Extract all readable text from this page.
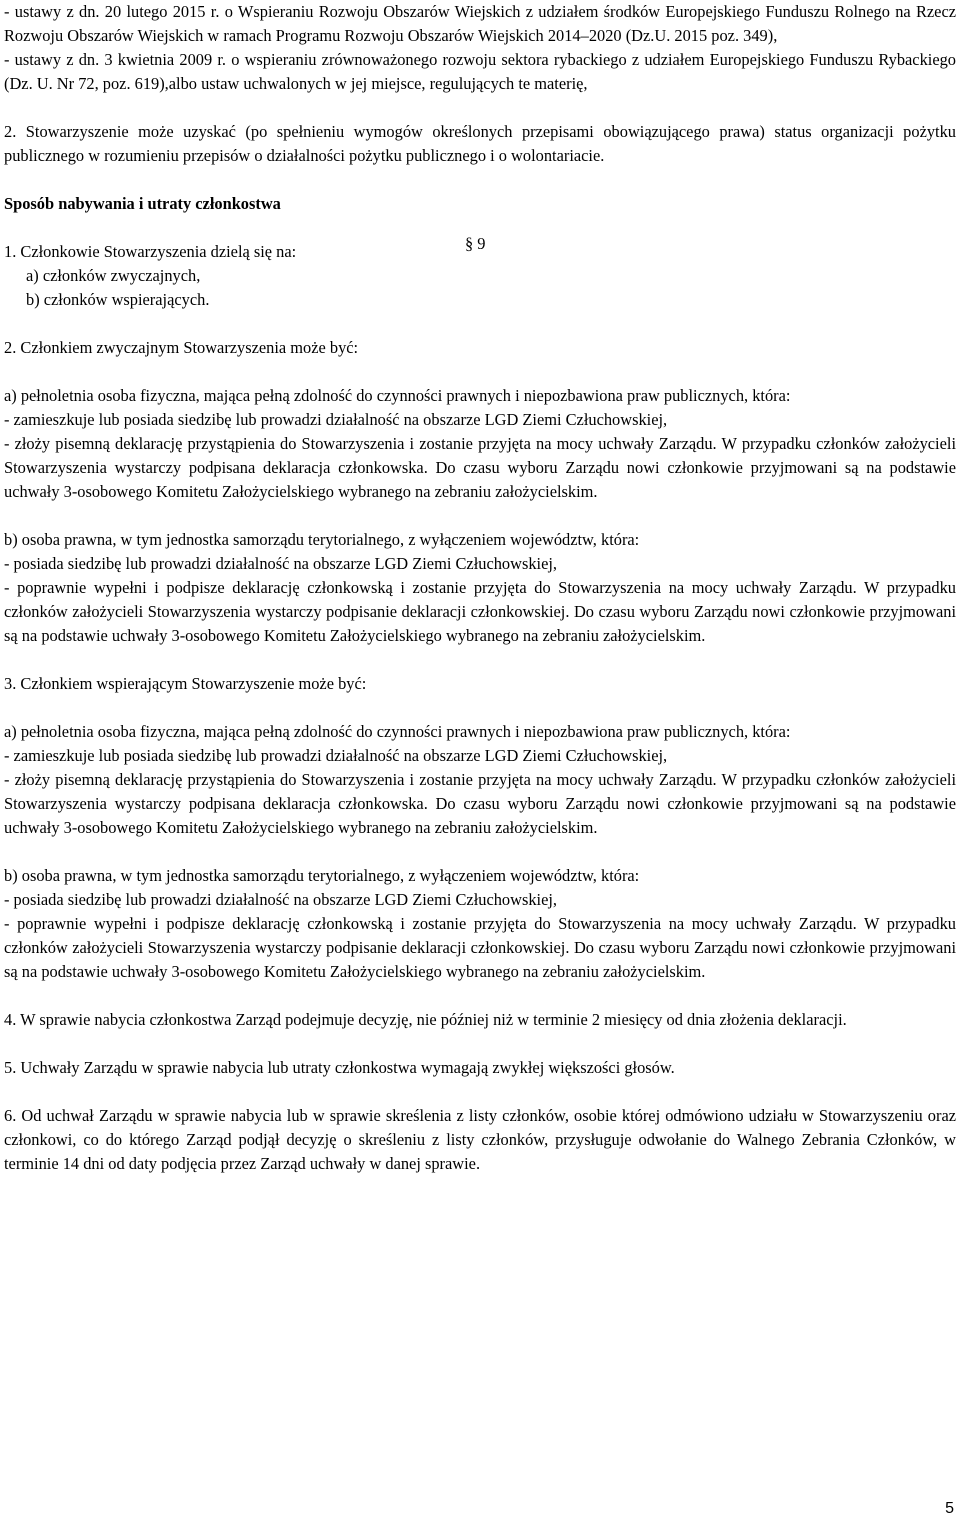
- ustawy z dn. 20 lutego 2015 r. o Wspieraniu Rozwoju Obszarów Wiejskich z udziałem środków Europejskiego Funduszu Rolnego na Rzecz Rozwoju Obszarów Wiejskich w ramach Programu Rozwoju Obszarów Wiejskich 2014–2020 (Dz.U. 2015 poz. 349),

- ustawy z dn. 3 kwietnia 2009 r. o wspieraniu zrównoważonego rozwoju sektora rybackiego z udziałem Europejskiego Funduszu Rybackiego (Dz. U. Nr 72, poz. 619),albo ustaw uchwalonych w jej miejsce, regulujących te materię,

2. Stowarzyszenie może uzyskać (po spełnieniu wymogów określonych przepisami obowiązującego prawa) status organizacji pożytku publicznego w rozumieniu przepisów o działalności pożytku publicznego i o wolontariacie.

Sposób nabywania i utraty członkostwa

§ 9

1. Członkowie Stowarzyszenia dzielą się na:

a) członków zwyczajnych,

b) członków wspierających.

2. Członkiem zwyczajnym Stowarzyszenia może być:

a) pełnoletnia osoba fizyczna, mająca pełną zdolność do czynności prawnych i niepozbawiona praw publicznych, która:

- zamieszkuje lub posiada siedzibę lub prowadzi działalność na obszarze LGD Ziemi Człuchowskiej,

- złoży pisemną deklarację przystąpienia do Stowarzyszenia i zostanie przyjęta na mocy uchwały Zarządu. W przypadku członków założycieli Stowarzyszenia wystarczy podpisana deklaracja członkowska. Do czasu wyboru Zarządu nowi członkowie przyjmowani są na podstawie uchwały 3-osobowego Komitetu Założycielskiego wybranego na zebraniu założycielskim.

b) osoba prawna, w tym jednostka samorządu terytorialnego, z wyłączeniem województw, która:

- posiada siedzibę lub prowadzi działalność na obszarze LGD Ziemi Człuchowskiej,

- poprawnie wypełni i podpisze deklarację członkowską i zostanie przyjęta do Stowarzyszenia na mocy uchwały Zarządu. W przypadku członków założycieli Stowarzyszenia wystarczy podpisanie deklaracji członkowskiej. Do czasu wyboru Zarządu nowi członkowie przyjmowani są na podstawie uchwały 3-osobowego Komitetu Założycielskiego wybranego na zebraniu założycielskim.

3. Członkiem wspierającym Stowarzyszenie może być:

a) pełnoletnia osoba fizyczna, mająca pełną zdolność do czynności prawnych i niepozbawiona praw publicznych, która:

- zamieszkuje lub posiada siedzibę lub prowadzi działalność na obszarze LGD Ziemi Człuchowskiej,

- złoży pisemną deklarację przystąpienia do Stowarzyszenia i zostanie przyjęta na mocy uchwały Zarządu. W przypadku członków założycieli Stowarzyszenia wystarczy podpisana deklaracja członkowska. Do czasu wyboru Zarządu nowi członkowie przyjmowani są na podstawie uchwały 3-osobowego Komitetu Założycielskiego wybranego na zebraniu założycielskim.

b) osoba prawna, w tym jednostka samorządu terytorialnego, z wyłączeniem województw, która:

- posiada siedzibę lub prowadzi działalność na obszarze LGD Ziemi Człuchowskiej,

- poprawnie wypełni i podpisze deklarację członkowską i zostanie przyjęta do Stowarzyszenia na mocy uchwały Zarządu. W przypadku członków założycieli Stowarzyszenia wystarczy podpisanie deklaracji członkowskiej. Do czasu wyboru Zarządu nowi członkowie przyjmowani są na podstawie uchwały 3-osobowego Komitetu Założycielskiego wybranego na zebraniu założycielskim.

4. W sprawie nabycia członkostwa Zarząd podejmuje decyzję, nie później niż w terminie 2 miesięcy od dnia złożenia deklaracji.

5. Uchwały Zarządu w sprawie nabycia lub utraty członkostwa wymagają zwykłej większości głosów.

6. Od uchwał Zarządu w sprawie nabycia lub w sprawie skreślenia z listy członków, osobie której odmówiono udziału w Stowarzyszeniu oraz członkowi, co do którego Zarząd podjął decyzję o skreśleniu z listy członków, przysługuje odwołanie do Walnego Zebrania Członków, w terminie 14 dni od daty podjęcia przez Zarząd uchwały w danej sprawie.

5
